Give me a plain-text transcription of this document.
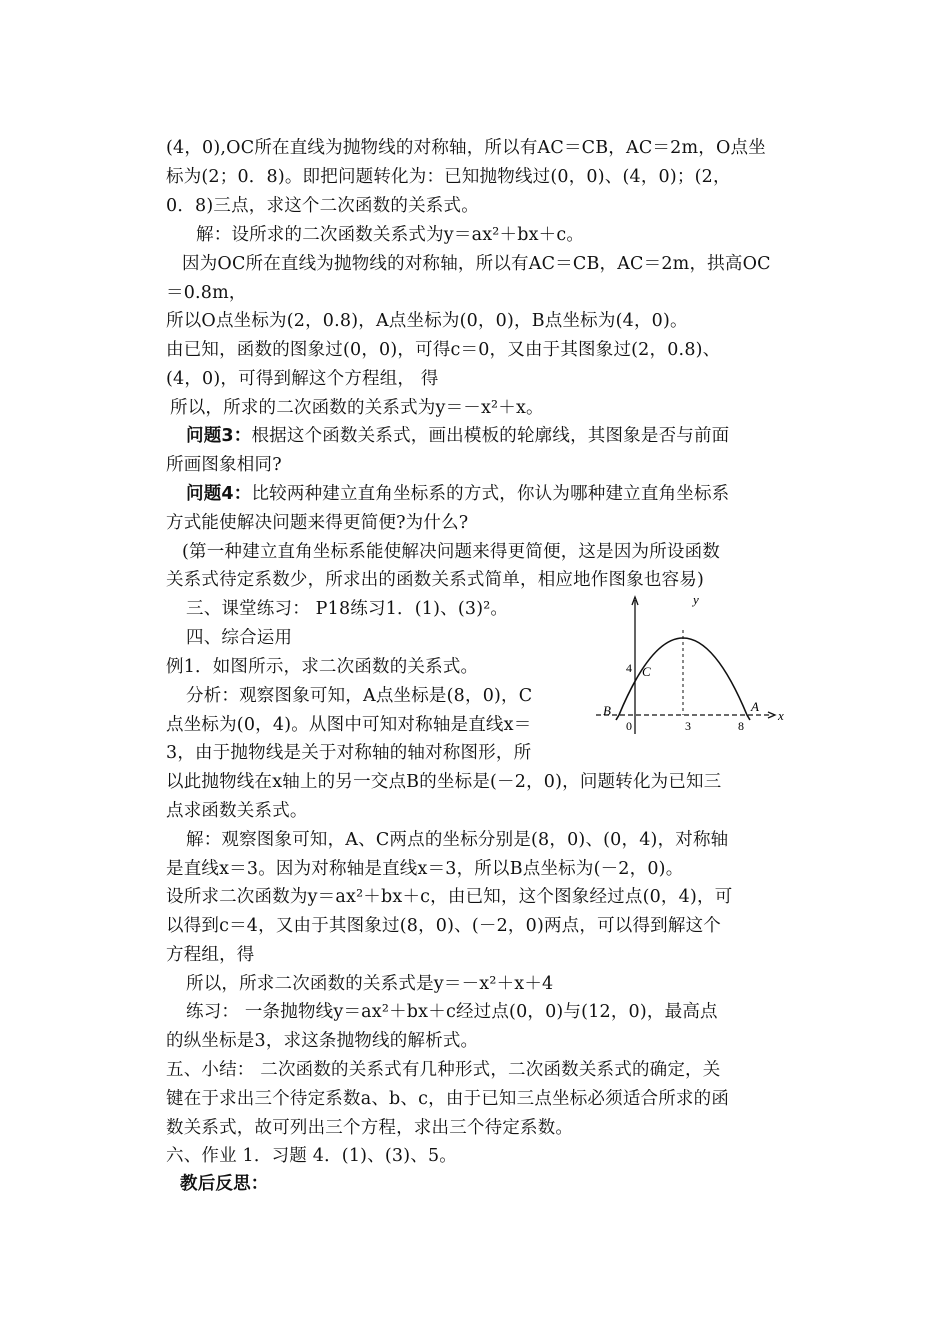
(4，0),OC所在直线为抛物线的对称轴，所以有AC＝CB，AC＝2m，O点坐
标为(2；0．8)。即把问题转化为：已知抛物线过(0，0)、(4，0)；(2，
0．8)三点，求这个二次函数的关系式。
解：设所求的二次函数关系式为y＝ax²＋bx＋c。
因为OC所在直线为抛物线的对称轴，所以有AC＝CB，AC＝2m，拱高OC
＝0.8m，
所以O点坐标为(2，0.8)，A点坐标为(0，0)，B点坐标为(4，0)。
由已知，函数的图象过(0，0)，可得c＝0，又由于其图象过(2，0.8)、
(4，0)，可得到解这个方程组， 得
所以，所求的二次函数的关系式为y＝－x²＋x。
问题3：根据这个函数关系式，画出模板的轮廓线，其图象是否与前面
所画图象相同?
问题4：比较两种建立直角坐标系的方式，你认为哪种建立直角坐标系
方式能使解决问题来得更简便?为什么?
(第一种建立直角坐标系能使解决问题来得更简便，这是因为所设函数
关系式待定系数少，所求出的函数关系式简单，相应地作图象也容易)
三、课堂练习： P18练习1．(1)、(3)²。
四、综合运用
例1．如图所示，求二次函数的关系式。
分析：观察图象可知，A点坐标是(8，0)，C
点坐标为(0，4)。从图中可知对称轴是直线x＝
3，由于抛物线是关于对称轴的轴对称图形，所
以此抛物线在x轴上的另一交点B的坐标是(－2，0)，问题转化为已知三
点求函数关系式。
解：观察图象可知，A、C两点的坐标分别是(8，0)、(0，4)，对称轴
是直线x＝3。因为对称轴是直线x＝3，所以B点坐标为(－2，0)。
设所求二次函数为y＝ax²＋bx＋c，由已知，这个图象经过点(0，4)，可
以得到c＝4，又由于其图象过(8，0)、(－2，0)两点，可以得到解这个
方程组，得
所以，所求二次函数的关系式是y＝－x²＋x＋4
练习： 一条抛物线y＝ax²＋bx＋c经过点(0，0)与(12，0)，最高点
的纵坐标是3，求这条抛物线的解析式。
五、小结： 二次函数的关系式有几种形式，二次函数关系式的确定，关
键在于求出三个待定系数a、b、c，由于已知三点坐标必须适合所求的函
数关系式，故可列出三个方程，求出三个待定系数。
六、作业 1．习题 4．(1)、(3)、5。
教后反思：
y
x
4 C
B	A
0	3	8
